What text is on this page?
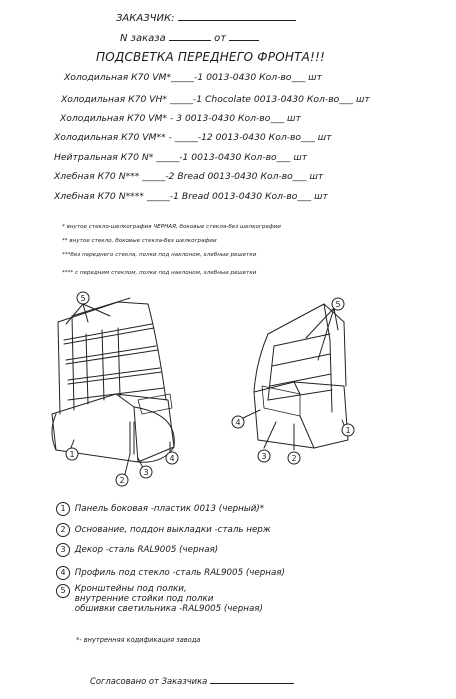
ЗАКАЗЧИК:
N заказа	от
ПОДСВЕТКА ПЕРЕДНЕГО ФРОНТА!!!
Холодильная К70 VM*_____-1 0013-0430 Кол-во___ шт
Холодильная К70 VH* _____-1 Chocolate 0013-0430 Кол-во___ шт
Холодильная К70 VM* - 3 0013-0430 Кол-во___ шт
Холодильная К70 VM** - _____-12 0013-0430 Кол-во___ шт
Нейтральная К70 N* _____-1 0013-0430 Кол-во___ шт
Хлебная К70 N*** _____-2 Bread 0013-0430 Кол-во___ шт
Хлебная К70 N**** _____-1 Bread 0013-0430 Кол-во___ шт
* внутое стекло-шелкография ЧЕРНАЯ, боковые стекла-без шелкографии
** внутое стекло, боковые стекла-без шелкографии
***без переднего стекла, полки под наклоном, хлебные решетки
**** с передним стеклом, полки под наклоном, хлебные решетки
5
1
2
3
4
5
4
3	2
1
1 Панель боковая -пластик 0013 (черный)*
2 Основание, поддон выкладки -сталь нерж
3 Декор -сталь RAL9005 (черная)
4 Профиль под стекло -сталь RAL9005 (черная)
5 Кронштейны под полки,
внутренние стойки под полки
обшивки светильника -RAL9005 (черная)
*- внутренняя кодификация завода
Согласовано от Заказчика
